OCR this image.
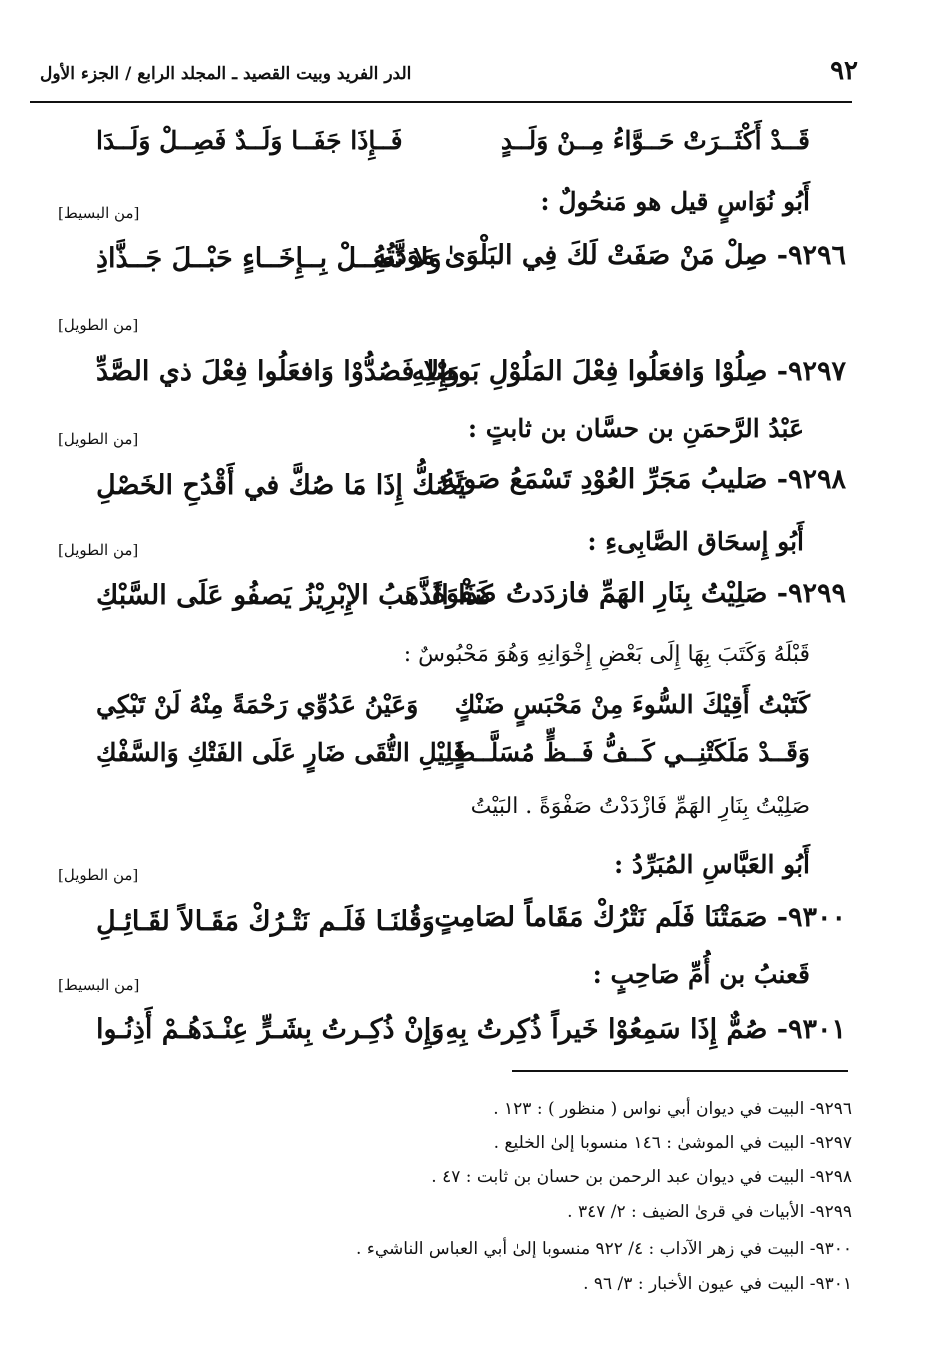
٩٢
الدر الفريد وبيت القصيد ـ المجلد الرابع / الجزء الأول
قَــدْ أَكْثَــرَتْ حَــوَّاءُ مِــنْ وَلَــدٍ
فَــإِذَا جَفَــا وَلَــدٌ فَصِــلْ وَلَــدَا
أَبُو نُوَاسٍ قيل هو مَنحُولٌ :
[من البسيط]
٩٢٩٦- صِلْ مَنْ صَفَتْ لَكَ فِي البَلْوَىٰ مَوَدَّتُهُ
وَلا تَصِــلْ بِــإِخَــاءٍ حَبْــلَ جَــذَّاذِ
[من الطويل]
٩٢٩٧- صِلُوْا وَافعَلُوا فِعْلَ المَلُوْلِ بَوصْلِهِ
وَإِلا فَصُدُّوْا وَافعَلُوا فِعْلَ ذي الصَّدِّ
عَبْدُ الرَّحمَنِ بن حسَّان بن ثابتٍ :
[من الطويل]
٩٢٩٨- صَليبُ مَجَرِّ العُوْدِ تَسْمَعُ صَوتَهُ
يَصُكُّ إِذَا مَا صُكَّ في أَقْدُحِ الخَصْلِ
أَبُو إِسحَاق الصَّابِىءِ :
[من الطويل]
٩٢٩٩- صَلِيْتُ بِنَارِ الهَمِّ فازدَدتُ صَفْوَةً
كَذَا الذَّهَبُ الإِبْرِيْزُ يَصفُو عَلَى السَّبْكِ
قَبْلَهُ وَكَتَبَ بِهَا إِلَى بَعْضِ إِخْوَانِهِ وَهُوَ مَحْبُوسٌ :
كَتَبْتُ أَقِيْكَ السُّوءَ مِنْ مَحْبَسٍ ضَنْكٍ
وَعَيْنُ عَدُوِّي رَحْمَةً مِنْهُ لَنْ تَبْكِي
وَقَــدْ مَلَكَتْنِــي كَــفُّ فَــظٍّ مُسَلَّــطٍ
قَلِيْلِ التُّقَى ضَارٍ عَلَى الفَتْكِ وَالسَّفْكِ
صَلِيْتُ بِنَارِ الهَمِّ فَازْدَدْتُ صَفْوَةً . البَيْتُ
أَبُو العَبَّاسِ المُبَرِّدُ :
[من الطويل]
٩٣٠٠- صَمَتْنَا فَلَم نَتْرُكْ مَقَاماً لصَامِتٍ
وَقُلنَـا فَلَـم نَتْـرُكْ مَقَـالاً لقَـائِـلِ
قَعنبُ بن أُمِّ صَاحِبٍ :
[من البسيط]
٩٣٠١- صُمٌّ إِذَا سَمِعُوْا خَيراً ذُكِرتُ بِهِ
وَإِنْ ذُكِـرتُ بِشَـرٍّ عِنْـدَهُـمْ أَذِنُـوا
٩٢٩٦- البيت في ديوان أبي نواس ( منظور ) : ١٢٣ .
٩٢٩٧- البيت في الموشىٰ : ١٤٦ منسوبا إلىٰ الخليع .
٩٢٩٨- البيت في ديوان عبد الرحمن بن حسان بن ثابت : ٤٧ .
٩٢٩٩- الأبيات في قرىٰ الضيف : ٢/ ٣٤٧ .
٩٣٠٠- البيت في زهر الآداب : ٤/ ٩٢٢ منسوبا إلىٰ أبي العباس الناشيء .
٩٣٠١- البيت في عيون الأخبار : ٣/ ٩٦ .
